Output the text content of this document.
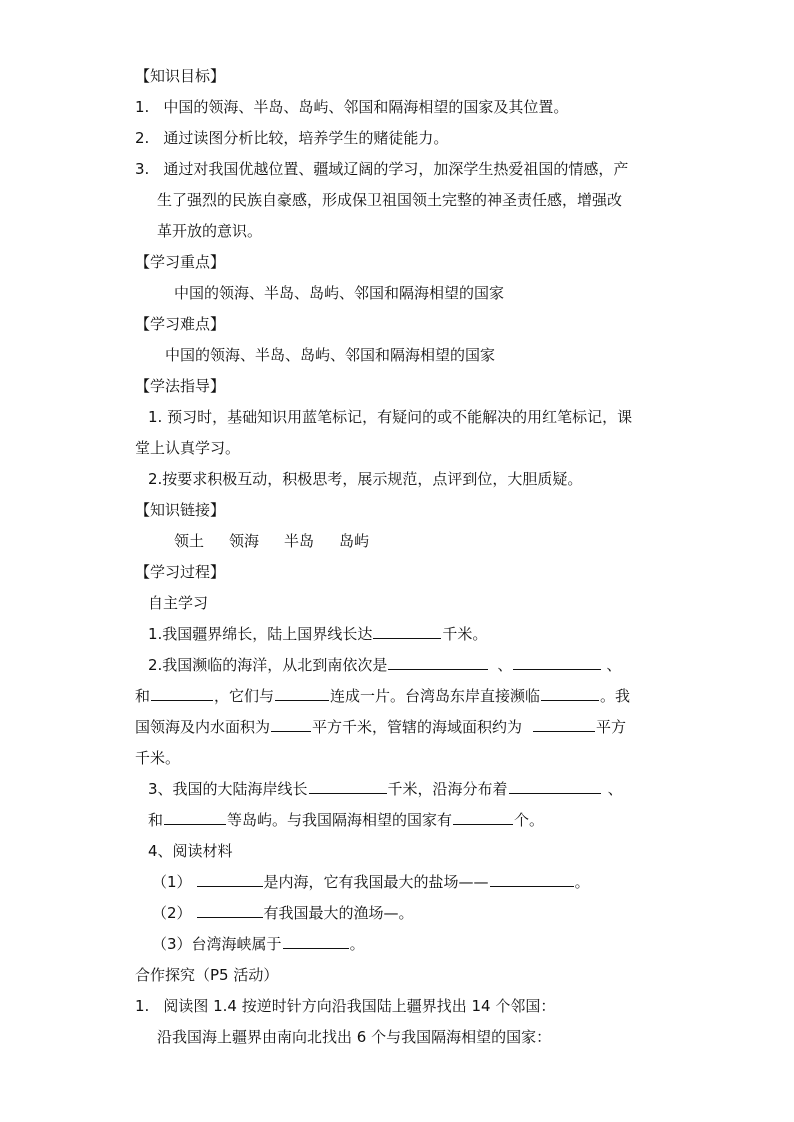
【知识目标】
1. 中国的领海、半岛、岛屿、邻国和隔海相望的国家及其位置。
2. 通过读图分析比较，培养学生的赌徒能力。
3. 通过对我国优越位置、疆域辽阔的学习，加深学生热爱祖国的情感，产
生了强烈的民族自豪感，形成保卫祖国领土完整的神圣责任感，增强改
革开放的意识。
【学习重点】
中国的领海、半岛、岛屿、邻国和隔海相望的国家
【学习难点】
中国的领海、半岛、岛屿、邻国和隔海相望的国家
【学法指导】
1. 预习时，基础知识用蓝笔标记，有疑问的或不能解决的用红笔标记，课
堂上认真学习。
2.按要求积极互动，积极思考，展示规范，点评到位，大胆质疑。
【知识链接】
领土 领海 半岛 岛屿
【学习过程】
自主学习
1.我国疆界绵长，陆上国界线长达	千米。
2.我国濒临的海洋，从北到南依次是	、	、
和	，它们与	连成一片。台湾岛东岸直接濒临	。我
国领海及内水面积为	平方千米，管辖的海域面积约为	平方
千米。
3、我国的大陆海岸线长	千米，沿海分布着	、
和	等岛屿。与我国隔海相望的国家有	个。
4、阅读材料
（1）	是内海，它有我国最大的盐场——	。
（2）	有我国最大的渔场—。
（3）台湾海峡属于	。
合作探究（P5 活动）
1. 阅读图 1.4 按逆时针方向沿我国陆上疆界找出 14 个邻国：
沿我国海上疆界由南向北找出 6 个与我国隔海相望的国家：
